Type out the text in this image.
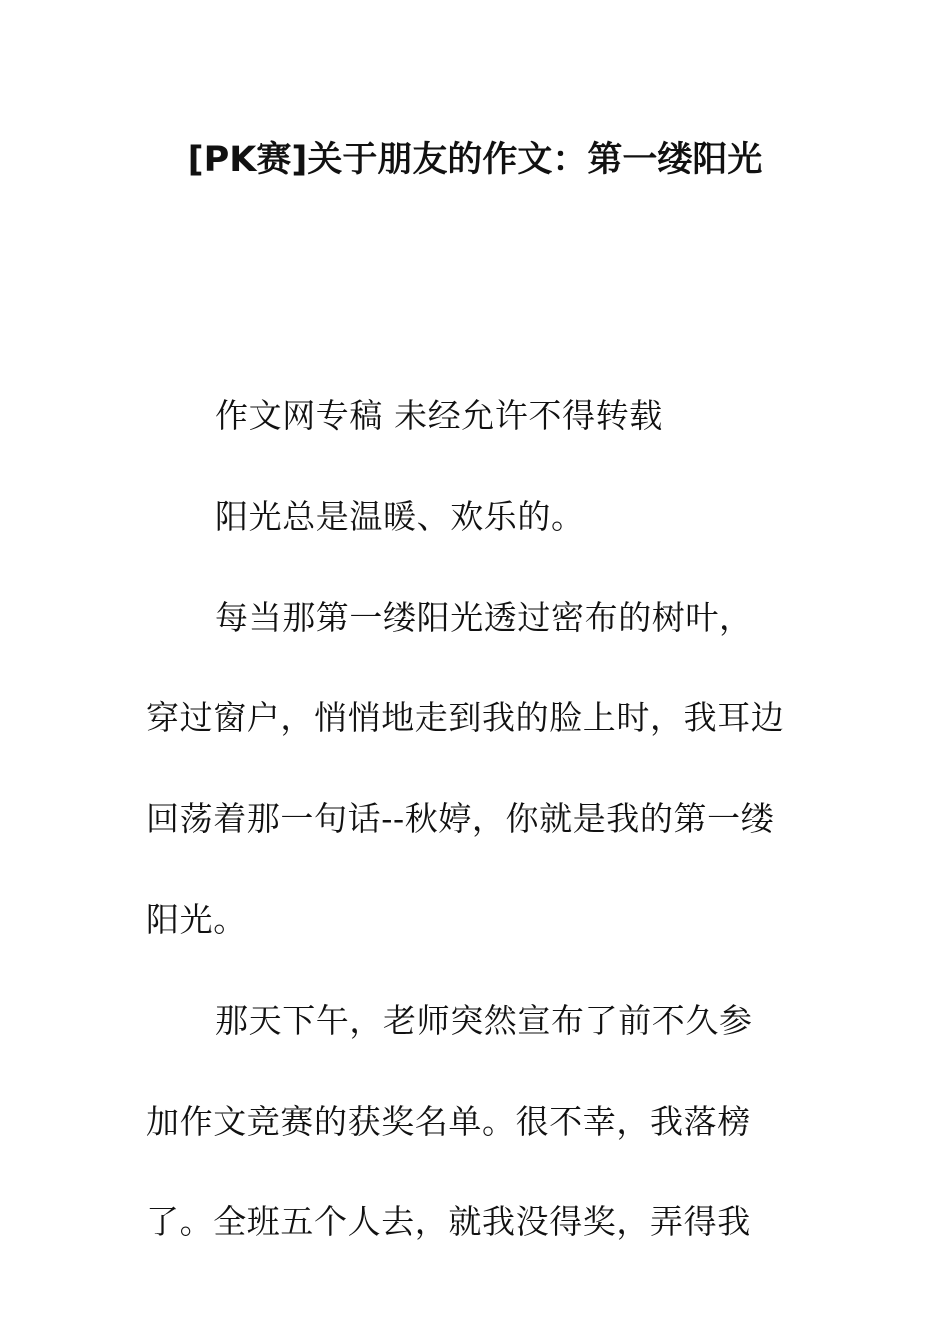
[PK赛]关于朋友的作文：第一缕阳光

作文网专稿 未经允许不得转载

阳光总是温暖、欢乐的。

每当那第一缕阳光透过密布的树叶，穿过窗户，悄悄地走到我的脸上时，我耳边回荡着那一句话--秋婷，你就是我的第一缕阳光。

那天下午，老师突然宣布了前不久参加作文竞赛的获奖名单。很不幸，我落榜了。全班五个人去，就我没得奖，弄得我
